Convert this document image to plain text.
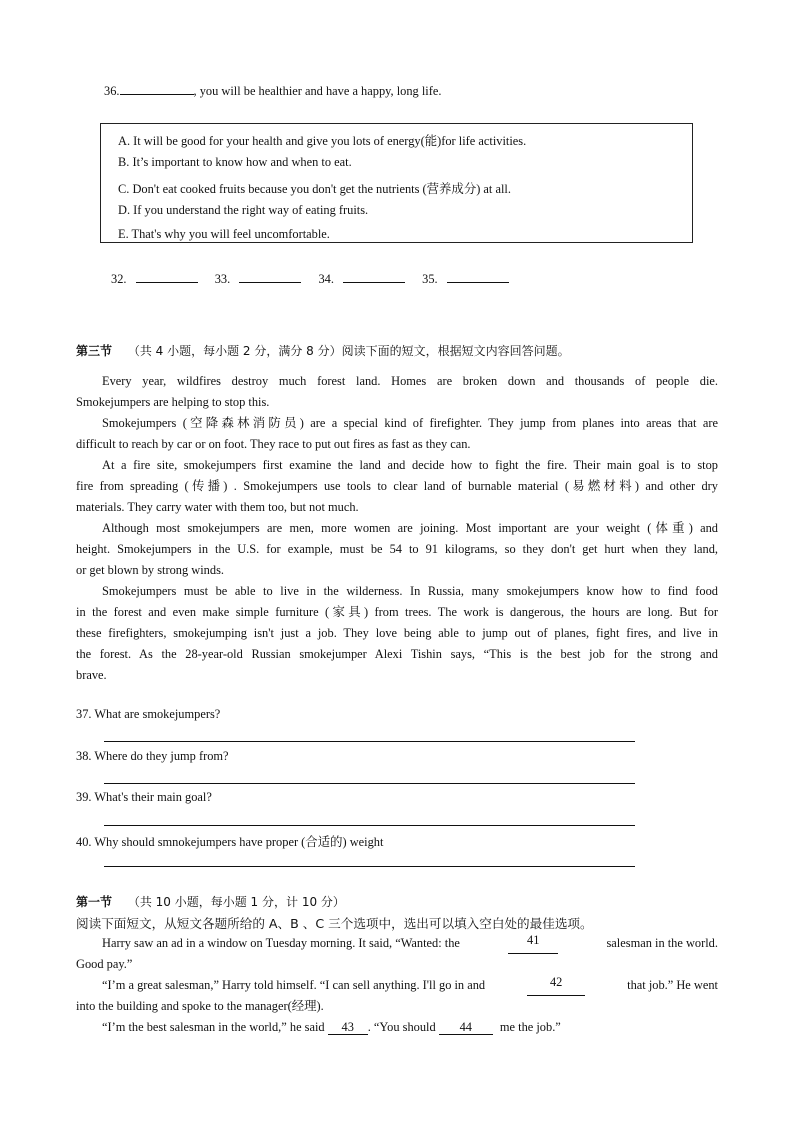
36.	, you will be healthier and have a happy, long life.
A. It will be good for your health and give you lots of energy(能)for life activities.
B. It’s important to know how and when to eat.
C. Don't eat cooked fruits because you don't get the nutrients (营养成分) at all.
D. If you understand the right way of eating fruits.
E. That's why you will feel uncomfortable.
32.	33.	34.	35.
第三节 （共 4 小题，每小题 2 分，满分 8 分）阅读下面的短文，根据短文内容回答问题。
Every year, wildfires destroy much forest land. Homes are broken down and thousands of people die.
Smokejumpers are helping to stop this.
Smokejumpers (空降森林消防员) are a special kind of firefighter. They jump from planes into areas that are
difficult to reach by car or on foot. They race to put out fires as fast as they can.
At a fire site, smokejumpers first examine the land and decide how to fight the fire. Their main goal is to stop
fire from spreading (传播) . Smokejumpers use tools to clear land of burnable material (易燃材料) and other dry
materials. They carry water with them too, but not much.
Although most smokejumpers are men, more women are joining. Most important are your weight (体重) and
height. Smokejumpers in the U.S. for example, must be 54 to 91 kilograms, so they don't get hurt when they land,
or get blown by strong winds.
Smokejumpers must be able to live in the wilderness. In Russia, many smokejumpers know how to find food
in the forest and even make simple furniture (家具) from trees. The work is dangerous, the hours are long. But for
these firefighters, smokejumping isn't just a job. They love being able to jump out of planes, fight fires, and live in
the forest. As the 28-year-old Russian smokejumper Alexi Tishin says, “This is the best job for the strong and
brave.
37. What are smokejumpers?
38. Where do they jump from?
39. What's their main goal?
40. Why should smnokejumpers have proper (合适的) weight
第一节 （共 10 小题，每小题 1 分，计 10 分）
阅读下面短文，从短文各题所给的 A、B 、C 三个选项中，选出可以填入空白处的最佳选项。
Harry saw an ad in a window on Tuesday morning. It said, “Wanted: the	41	salesman in the world.
Good pay.”
“I’m a great salesman,” Harry told himself. “I can sell anything. I'll go in and	42	that job.” He went
into the building and spoke to the manager(经理).
“I’m the best salesman in the world,” he said 43 . “You should 44 me the job.”
